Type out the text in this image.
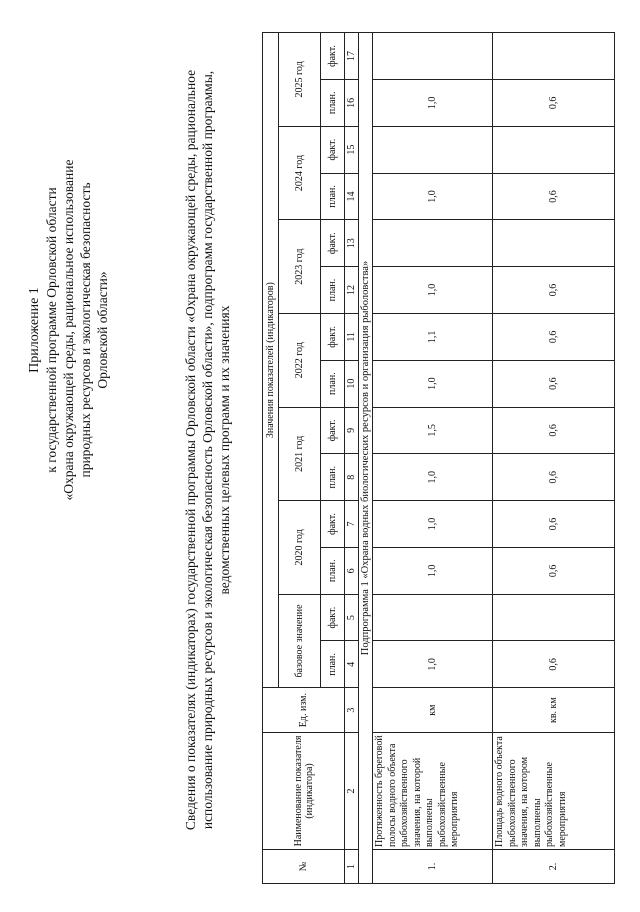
Приложение 1 к государственной программе Орловской области «Охрана окружающей среды, рациональное использование природных ресурсов и экологическая безопасность Орловской области»	Сведения о показателях (индикаторах) государственной программы Орловской области «Охрана окружающей среды, рациональное использование природных ресурсов и экологическая безопасность Орловской области», подпрограмм государственной программы, ведомственных целевых программ и их значениях
№	Наименование показателя (индикатора)	Ед. изм.	Значения показателей (индикаторов)													
			базовое значение		2020 год		2021 год		2022 год		2023 год		2024 год		2025 год	
			план.	факт.	план.	факт.	план.	факт.	план.	факт.	план.	факт.	план.	факт.	план.	факт.
1	2	3	4	5	6	7	8	9	10	11	12	13	14	15	16	17
Подпрограмма 1 «Охрана водных биологических ресурсов и организация рыболовства»																
1.	Протяженность береговой полосы водного объекта рыбохозяйственного значения, на которой выполнены рыбохозяйственные мероприятия	км	1,0		1,0	1,0	1,0	1,5	1,0	1,1	1,0		1,0		1,0	
2.	Площадь водного объекта рыбохозяйственного значения, на котором выполнены рыбохозяйственные мероприятия	кв. км	0,6		0,6	0,6	0,6	0,6	0,6	0,6	0,6		0,6		0,6	
